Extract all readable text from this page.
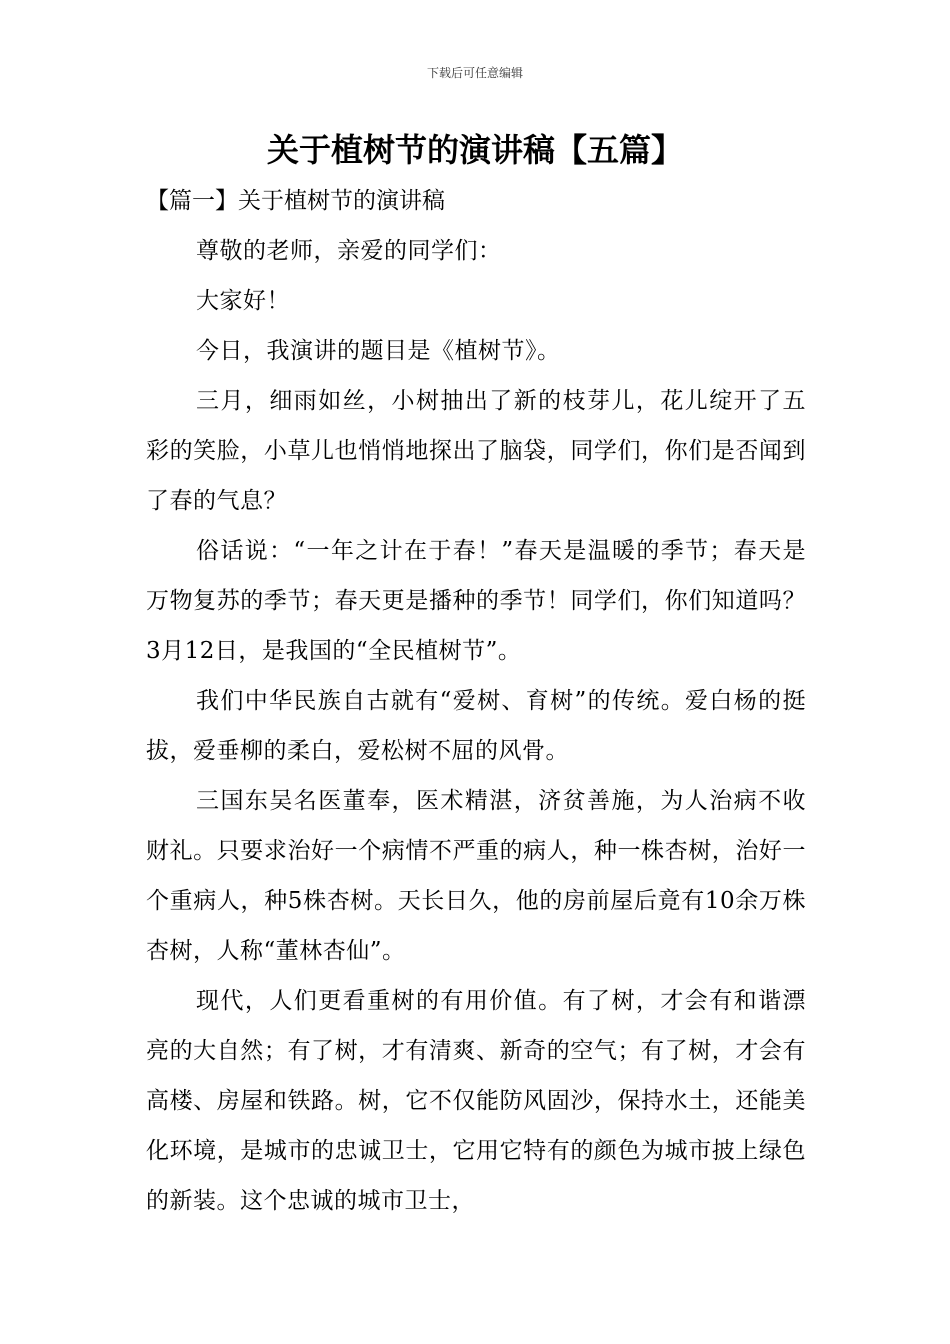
下载后可任意编辑
关于植树节的演讲稿【五篇】
【篇一】关于植树节的演讲稿

尊敬的老师，亲爱的同学们：

大家好！

今日，我演讲的题目是《植树节》。

三月，细雨如丝，小树抽出了新的枝芽儿，花儿绽开了五彩的笑脸，小草儿也悄悄地探出了脑袋，同学们，你们是否闻到了春的气息？

俗话说：“一年之计在于春！”春天是温暖的季节；春天是万物复苏的季节；春天更是播种的季节！同学们，你们知道吗？3月12日，是我国的“全民植树节”。

我们中华民族自古就有“爱树、育树”的传统。爱白杨的挺拔，爱垂柳的柔白，爱松树不屈的风骨。

三国东吴名医董奉，医术精湛，济贫善施，为人治病不收财礼。只要求治好一个病情不严重的病人，种一株杏树，治好一个重病人，种5株杏树。天长日久，他的房前屋后竟有10余万株杏树，人称“董林杏仙”。

现代，人们更看重树的有用价值。有了树，才会有和谐漂亮的大自然；有了树，才有清爽、新奇的空气；有了树，才会有高楼、房屋和铁路。树，它不仅能防风固沙，保持水土，还能美化环境，是城市的忠诚卫士，它用它特有的颜色为城市披上绿色的新装。这个忠诚的城市卫士，
